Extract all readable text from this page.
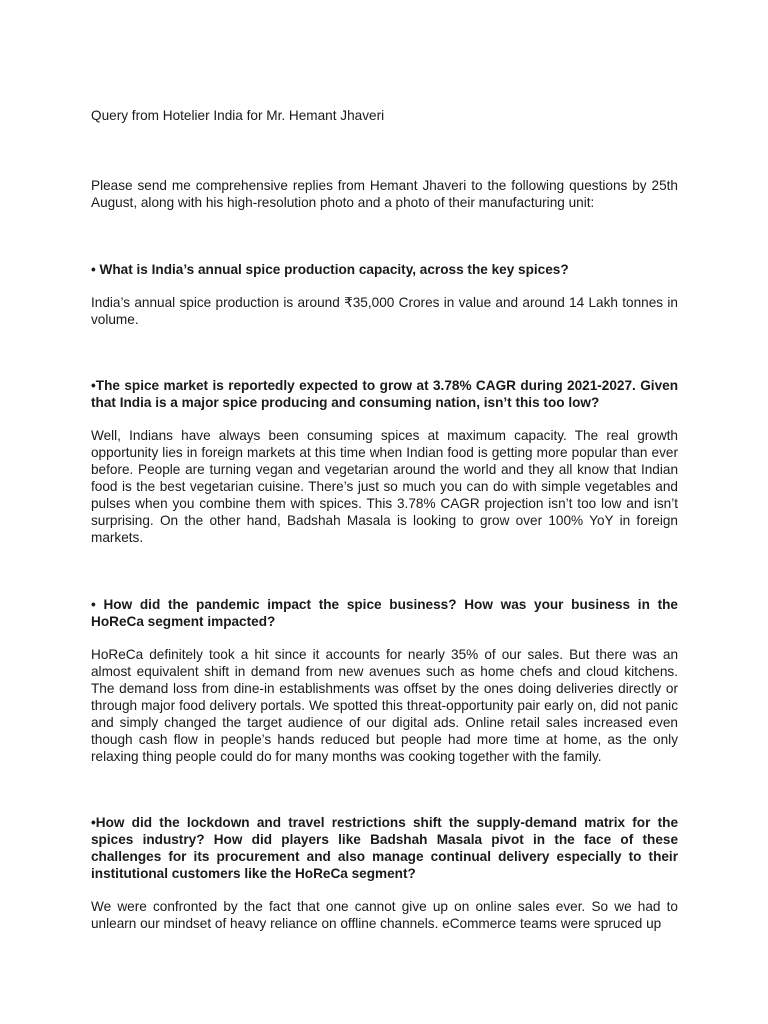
Query from Hotelier India for Mr. Hemant Jhaveri

Please send me comprehensive replies from Hemant Jhaveri to the following questions by 25th August, along with his high-resolution photo and a photo of their manufacturing unit:

• What is India’s annual spice production capacity, across the key spices?

India’s annual spice production is around ₹35,000 Crores in value and around 14 Lakh tonnes in volume.

•The spice market is reportedly expected to grow at 3.78% CAGR during 2021-2027. Given that India is a major spice producing and consuming nation, isn’t this too low?

Well, Indians have always been consuming spices at maximum capacity. The real growth opportunity lies in foreign markets at this time when Indian food is getting more popular than ever before. People are turning vegan and vegetarian around the world and they all know that Indian food is the best vegetarian cuisine. There’s just so much you can do with simple vegetables and pulses when you combine them with spices. This 3.78% CAGR projection isn’t too low and isn’t surprising. On the other hand, Badshah Masala is looking to grow over 100% YoY in foreign markets.

• How did the pandemic impact the spice business? How was your business in the HoReCa segment impacted?

HoReCa definitely took a hit since it accounts for nearly 35% of our sales. But there was an almost equivalent shift in demand from new avenues such as home chefs and cloud kitchens. The demand loss from dine-in establishments was offset by the ones doing deliveries directly or through major food delivery portals. We spotted this threat-opportunity pair early on, did not panic and simply changed the target audience of our digital ads. Online retail sales increased even though cash flow in people’s hands reduced but people had more time at home, as the only relaxing thing people could do for many months was cooking together with the family.

•How did the lockdown and travel restrictions shift the supply-demand matrix for the spices industry? How did players like Badshah Masala pivot in the face of these challenges for its procurement and also manage continual delivery especially to their institutional customers like the HoReCa segment?

We were confronted by the fact that one cannot give up on online sales ever. So we had to unlearn our mindset of heavy reliance on offline channels. eCommerce teams were spruced up
